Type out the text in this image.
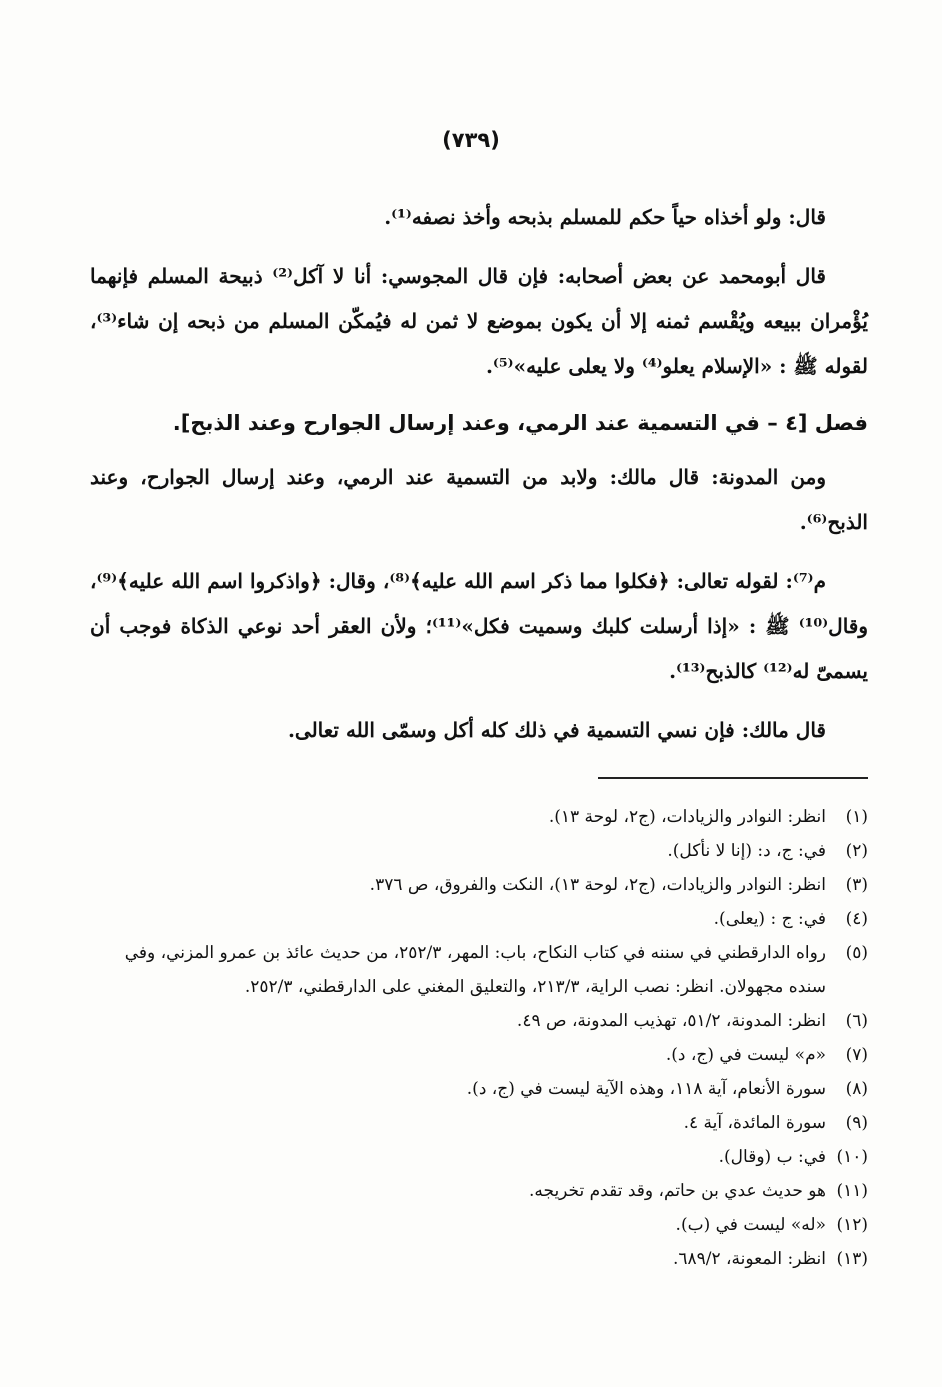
(٧٣٩)

قال: ولو أخذاه حياً حكم للمسلم بذبحه وأخذ نصفه⁽¹⁾.

قال أبومحمد عن بعض أصحابه: فإن قال المجوسي: أنا لا آكل⁽²⁾ ذبيحة المسلم فإنهما يُؤْمران ببيعه ويُقْسم ثمنه إلا أن يكون بموضع لا ثمن له فيُمكّن المسلم من ذبحه إن شاء⁽³⁾، لقوله ﷺ : «الإسلام يعلو⁽⁴⁾ ولا يعلى عليه»⁽⁵⁾.

فصل [٤ – في التسمية عند الرمي، وعند إرسال الجوارح وعند الذبح].

ومن المدونة: قال مالك: ولابد من التسمية عند الرمي، وعند إرسال الجوارح، وعند الذبح⁽⁶⁾.

م⁽⁷⁾: لقوله تعالى: ﴿فكلوا مما ذكر اسم الله عليه﴾⁽⁸⁾، وقال: ﴿واذكروا اسم الله عليه﴾⁽⁹⁾، وقال⁽¹⁰⁾ ﷺ : «إذا أرسلت كلبك وسميت فكل»⁽¹¹⁾؛ ولأن العقر أحد نوعي الذكاة فوجب أن يسمىّ له⁽¹²⁾ كالذبح⁽¹³⁾.

قال مالك: فإن نسي التسمية في ذلك كله أكل وسمّى الله تعالى.

(١)
انظر: النوادر والزيادات، (ج٢، لوحة ١٣).
(٢)
في: ج، د: (إنا لا نأكل).
(٣)
انظر: النوادر والزيادات، (ج٢، لوحة ١٣)، النكت والفروق، ص ٣٧٦.
(٤)
في: ج : (يعلى).
(٥)
رواه الدارقطني في سننه في كتاب النكاح، باب: المهر، ٢٥٢/٣، من حديث عائذ بن عمرو المزني، وفي سنده مجهولان. انظر: نصب الراية، ٢١٣/٣، والتعليق المغني على الدارقطني، ٢٥٢/٣.
(٦)
انظر: المدونة، ٥١/٢، تهذيب المدونة، ص ٤٩.
(٧)
«م» ليست في (ج، د).
(٨)
سورة الأنعام، آية ١١٨، وهذه الآية ليست في (ج، د).
(٩)
سورة المائدة، آية ٤.
(١٠)
في: ب (وقال).
(١١)
هو حديث عدي بن حاتم، وقد تقدم تخريجه.
(١٢)
«له» ليست في (ب).
(١٣)
انظر: المعونة، ٦٨٩/٢.
